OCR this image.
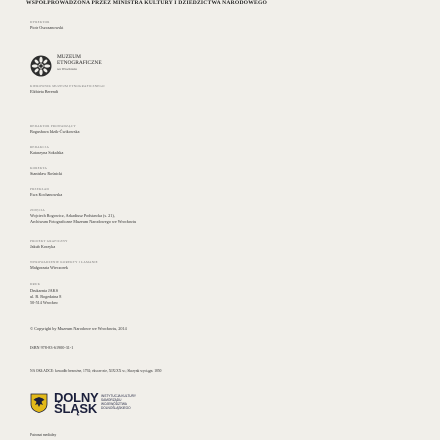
WSPÓŁPROWADZONA PRZEZ MINISTRA KULTURY I DZIEDZICTWA NARODOWEGO
DYREKTOR
Piotr Oszczanowski
MUZEUM
ETNOGRAFICZNE
we Wrocławiu
KIEROWNIK MUZEUM ETNOGRAFICZNEGO
Elżbieta Berendt
REDAKTOR PROWADZĄCY
Bogusława Idzik-Ćwikowska
REDAKCJA
Katarzyna Sokalska
KOREKTA
Stanisław Rośnicki
PRZEKŁAD
Ewa Kochanowska
ZDJĘCIA
Wojciech Rogowicz, Arkadiusz Podstawka (s. 21),
Archiwum Fotograficzne Muzeum Narodowego we Wrocławiu
PROJEKT GRAFICZNY
Jakub Korzyka
WPROWADZENIE KOREKTY I ŁAMANIE
Małgorzata Wieczorek
DRUK
Drukarnia JAKS
ul. B. Bogedaina 8
50-514 Wrocław
© Copyright by Muzeum Narodowe we Wrocławiu, 2014
ISBN 978-83-61900-31-1
NA OKŁADCE: kowadło bezrożne, 1792; ekscze nie, XIX/XX w.; Skrzynk wyciągn. 1850
DOLNY
ŚLĄSK
INSTYTUCJA KULTURY
SAMORZĄDU
WOJEWÓDZTWA
DOLNOŚLĄSKIEGO
Patronat medialny
